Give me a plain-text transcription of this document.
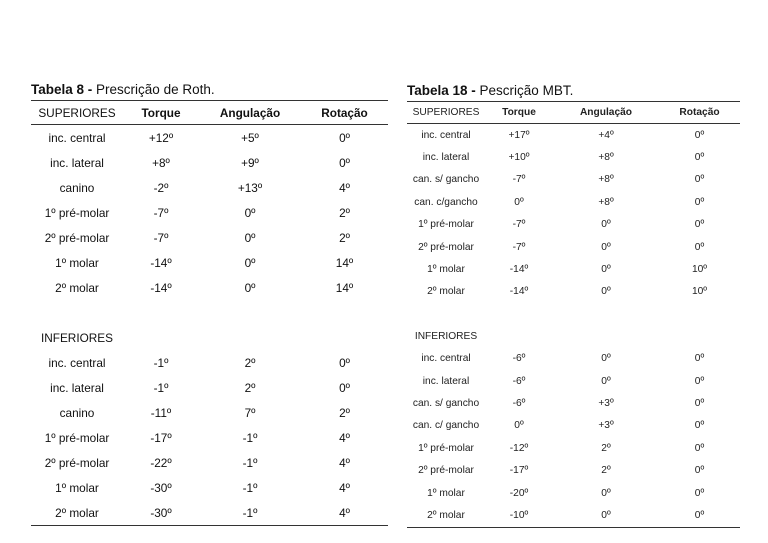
Tabela 8 - Prescrição de Roth.
SUPERIORES	Torque	Angulação	Rotação
inc. central	+12º	+5º	0º
inc. lateral	+8º	+9º	0º
canino	-2º	+13º	4º
1º pré-molar	-7º	0º	2º
2º pré-molar	-7º	0º	2º
1º molar	-14º	0º	14º
2º molar	-14º	0º	14º
INFERIORES
inc. central	-1º	2º	0º
inc. lateral	-1º	2º	0º
canino	-11º	7º	2º
1º pré-molar	-17º	-1º	4º
2º pré-molar	-22º	-1º	4º
1º molar	-30º	-1º	4º
2º molar	-30º	-1º	4º
Tabela 18 - Pescrição MBT.
SUPERIORES	Torque	Angulação	Rotação
inc. central	+17º	+4º	0º
inc. lateral	+10º	+8º	0º
can. s/ gancho	-7º	+8º	0º
can. c/gancho	0º	+8º	0º
1º pré-molar	-7º	0º	0º
2º pré-molar	-7º	0º	0º
1º molar	-14º	0º	10º
2º molar	-14º	0º	10º
INFERIORES
inc. central	-6º	0º	0º
inc. lateral	-6º	0º	0º
can. s/ gancho	-6º	+3º	0º
can. c/ gancho	0º	+3º	0º
1º pré-molar	-12º	2º	0º
2º pré-molar	-17º	2º	0º
1º molar	-20º	0º	0º
2º molar	-10º	0º	0º
